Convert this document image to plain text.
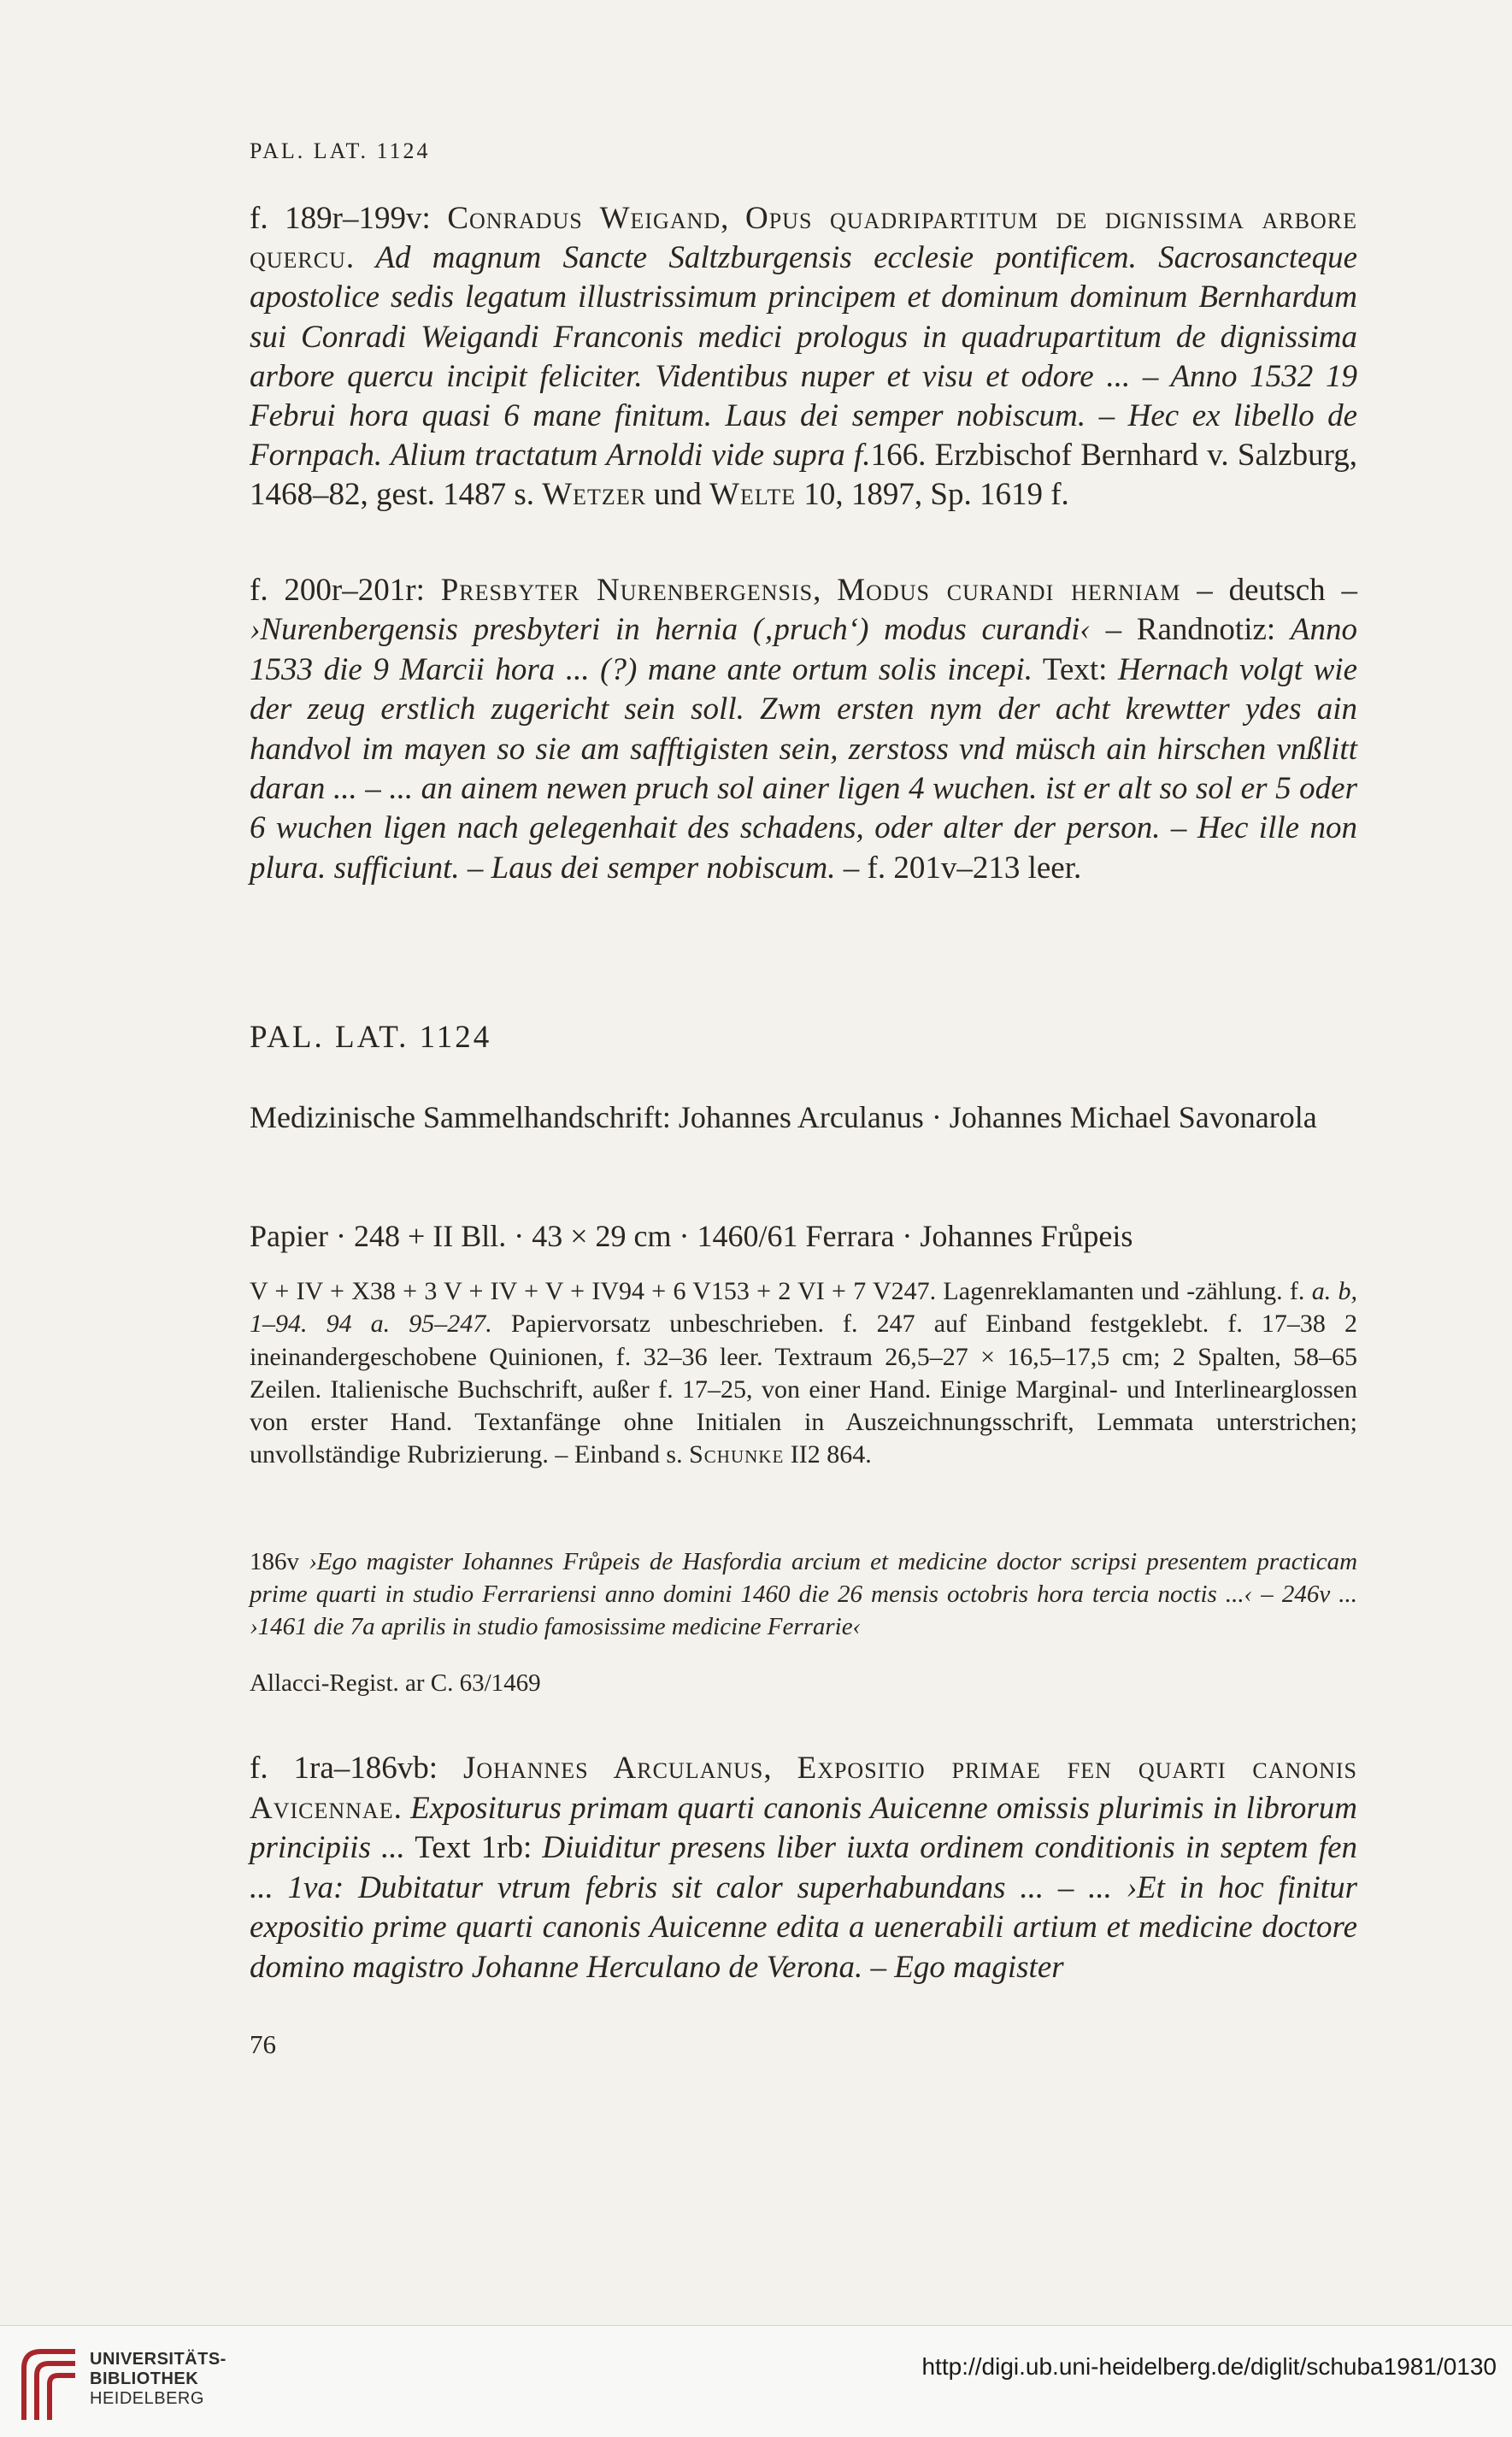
PAL. LAT. 1124

f. 189r–199v: Conradus Weigand, Opus quadripartitum de dignissima arbore quercu. Ad magnum Sancte Saltzburgensis ecclesie pontificem. Sacrosancteque apostolice sedis legatum illustrissimum principem et dominum dominum Bernhardum sui Conradi Weigandi Franconis medici prologus in quadrupartitum de dignissima arbore quercu incipit feliciter. Videntibus nuper et visu et odore ... – Anno 1532 19 Februi hora quasi 6 mane finitum. Laus dei semper nobiscum. – Hec ex libello de Fornpach. Alium tractatum Arnoldi vide supra f.166. Erzbischof Bernhard v. Salzburg, 1468–82, gest. 1487 s. Wetzer und Welte 10, 1897, Sp. 1619 f.

f. 200r–201r: Presbyter Nurenbergensis, Modus curandi herniam – deutsch – ›Nurenbergensis presbyteri in hernia (‚pruch‘) modus curandi‹ – Randnotiz: Anno 1533 die 9 Marcii hora ... (?) mane ante ortum solis incepi. Text: Hernach volgt wie der zeug erstlich zugericht sein soll. Zwm ersten nym der acht krewtter ydes ain handvol im mayen so sie am safftigisten sein, zerstoss vnd müsch ain hirschen vnßlitt daran ... – ... an ainem newen pruch sol ainer ligen 4 wuchen. ist er alt so sol er 5 oder 6 wuchen ligen nach gelegenhait des schadens, oder alter der person. – Hec ille non plura. sufficiunt. – Laus dei semper nobiscum. – f. 201v–213 leer.

PAL. LAT. 1124
Medizinische Sammelhandschrift: Johannes Arculanus · Johannes Michael Savonarola
Papier · 248 + II Bll. · 43 × 29 cm · 1460/61 Ferrara · Johannes Frůpeis

V + IV + X38 + 3 V + IV + V + IV94 + 6 V153 + 2 VI + 7 V247. Lagenreklamanten und -zählung. f. a. b, 1–94. 94 a. 95–247. Papiervorsatz unbeschrieben. f. 247 auf Einband festgeklebt. f. 17–38 2 ineinandergeschobene Quinionen, f. 32–36 leer. Textraum 26,5–27 × 16,5–17,5 cm; 2 Spalten, 58–65 Zeilen. Italienische Buchschrift, außer f. 17–25, von einer Hand. Einige Marginal- und Interlinearglossen von erster Hand. Textanfänge ohne Initialen in Auszeichnungsschrift, Lemmata unterstrichen; unvollständige Rubrizierung. – Einband s. Schunke II2 864.

186v ›Ego magister Iohannes Frůpeis de Hasfordia arcium et medicine doctor scripsi presentem practicam prime quarti in studio Ferrariensi anno domini 1460 die 26 mensis octobris hora tercia noctis ...‹ – 246v ... ›1461 die 7a aprilis in studio famosissime medicine Ferrarie‹

Allacci-Regist. ar C. 63/1469

f. 1ra–186vb: Johannes Arculanus, Expositio primae fen quarti canonis Avicennae. Expositurus primam quarti canonis Auicenne omissis plurimis in librorum principiis ... Text 1rb: Diuiditur presens liber iuxta ordinem conditionis in septem fen ... 1va: Dubitatur vtrum febris sit calor superhabundans ... – ... ›Et in hoc finitur expositio prime quarti canonis Auicenne edita a uenerabili artium et medicine doctore domino magistro Johanne Herculano de Verona. – Ego magister

76
UNIVERSITÄTS-
BIBLIOTHEK
HEIDELBERG
http://digi.ub.uni-heidelberg.de/diglit/schuba1981/0130
